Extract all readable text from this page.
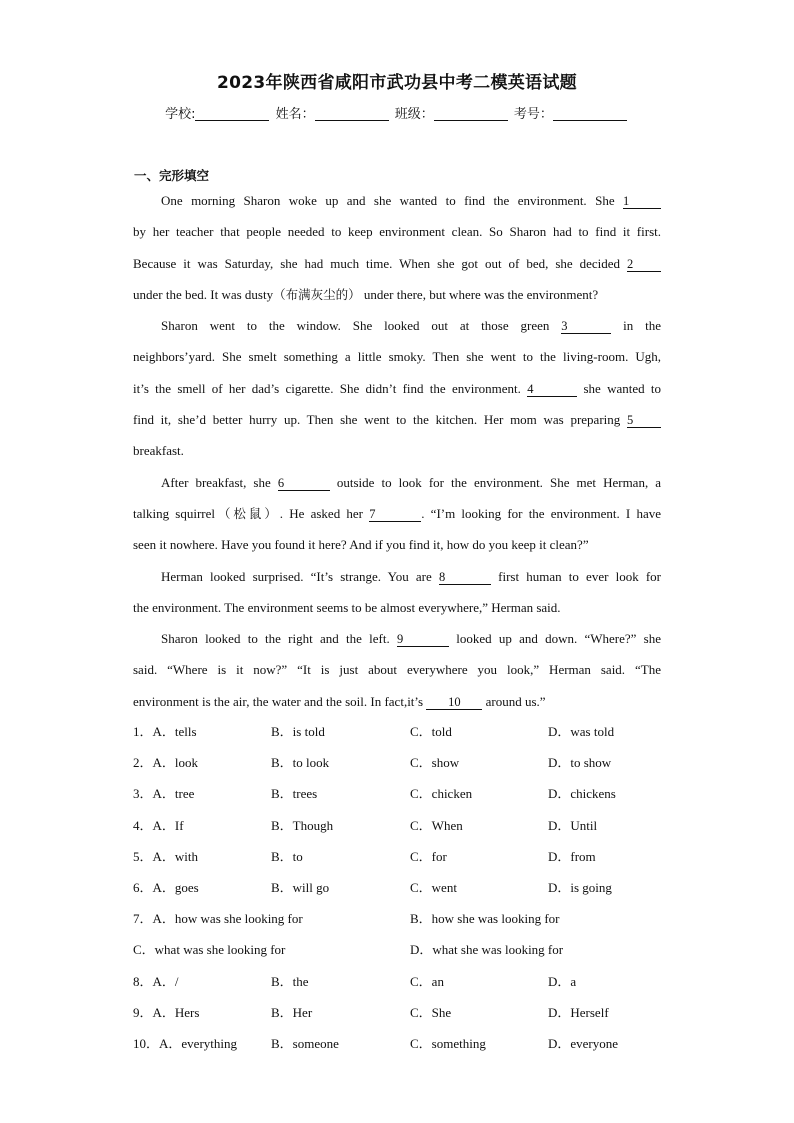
2023年陕西省咸阳市武功县中考二模英语试题
学校:	姓名：	班级：	考号：
一、完形填空
One morning Sharon woke up and she wanted to find the environment. She 1
by her teacher that people needed to keep environment clean. So Sharon had to find it first.
Because it was Saturday, she had much time. When she got out of bed, she decided 2
under the bed. It was dusty（布满灰尘的） under there, but where was the environment?
Sharon went to the window. She looked out at those green 3	in the
neighbors’yard. She smelt something a little smoky. Then she went to the living-room. Ugh,
it’s the smell of her dad’s cigarette. She didn’t find the environment. 4	she wanted to
find it, she’d better hurry up. Then she went to the kitchen. Her mom was preparing 5
breakfast.
After breakfast, she 6	outside to look for the environment. She met Herman, a
talking squirrel（松鼠）. He asked her 7	. “I’m looking for the environment. I have
seen it nowhere. Have you found it here? And if you find it, how do you keep it clean?”
Herman looked surprised. “It’s strange. You are 8	first human to ever look for
the environment. The environment seems to be almost everywhere,” Herman said.
Sharon looked to the right and the left. 9	looked up and down. “Where?” she
said. “Where is it now?” “It is just about everywhere you look,” Herman said. “The
environment is the air, the water and the soil. In fact,it’s 10 around us.”
1．A．tells	B．is told	C．told	D．was told
2．A．look	B．to look	C．show	D．to show
3．A．tree	B．trees	C．chicken	D．chickens
4．A．If	B．Though	C．When	D．Until
5．A．with	B．to	C．for	D．from
6．A．goes	B．will go	C．went	D．is going
7．A．how was she looking for	B．how she was looking for
C．what was she looking for	D．what she was looking for
8．A．/	B．the	C．an	D．a
9．A．Hers	B．Her	C．She	D．Herself
10．A．everything	B．someone	C．something	D．everyone
